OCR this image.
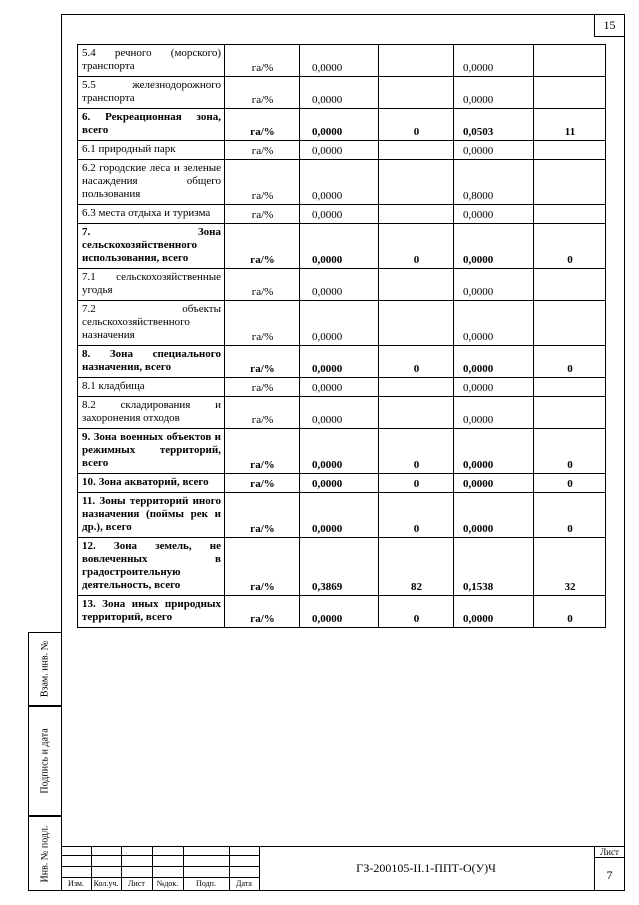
15
Взам. инв. №
Подпись и дата
Инв. № подл.
5.4 речного (морского) транспорта	га/%	0,0000		0,0000	
5.5 железнодорожного транспорта	га/%	0,0000		0,0000	
6. Рекреационная зона, всего	га/%	0,0000	0	0,0503	11
6.1 природный парк	га/%	0,0000		0,0000	
6.2 городские леса и зеленые насаждения общего пользования	га/%	0,0000		0,8000	
6.3 места отдыха и туризма	га/%	0,0000		0,0000	
7. Зона сельскохозяйственного использования, всего	га/%	0,0000	0	0,0000	0
7.1 сельскохозяйственные угодья	га/%	0,0000		0,0000	
7.2 объекты сельскохозяйственного назначения	га/%	0,0000		0,0000	
8. Зона специального назначения, всего	га/%	0,0000	0	0,0000	0
8.1 кладбища	га/%	0,0000		0,0000	
8.2 складирования и захоронения отходов	га/%	0,0000		0,0000	
9. Зона военных объектов и режимных территорий, всего	га/%	0,0000	0	0,0000	0
10. Зона акваторий, всего	га/%	0,0000	0	0,0000	0
11. Зоны территорий иного назначения (поймы рек и др.), всего	га/%	0,0000	0	0,0000	0
12. Зона земель, не вовлеченных в градостроительную деятельность, всего	га/%	0,3869	82	0,1538	32
13. Зона иных природных территорий, всего	га/%	0,0000	0	0,0000	0
Изм.	Кол.уч.	Лист	№док.	Подп.	Дата
ГЗ-200105-II.1-ППТ-О(У)Ч
Лист
7
